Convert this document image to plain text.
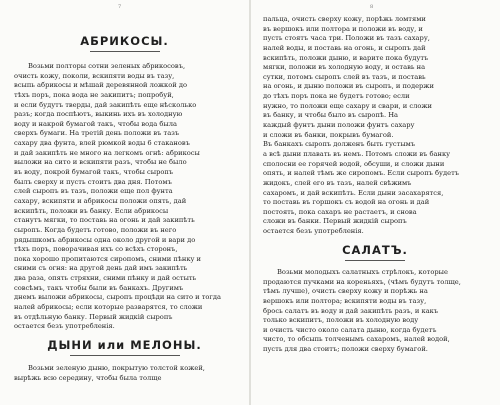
7
АБРИКОСЫ.
Возьми полторы сотни зеленых абрикосовъ,
очисть кожу, поколи, вскипяти воды въ тазу,
всыпь абрикосы и мѣшай деревянной ложкой до
тѣхъ поръ, пока вода не закипитъ; попробуй,
и если будутъ тверды, дай закипѣть еще нѣсколько
разъ; когда поспѣютъ, выкинь ихъ въ холодную
воду и накрой бумагой такъ, чтобы вода была
сверхъ бумаги. На третій день положи въ тазъ
сахару два фунта, влей рюмкой воды 6 стакановъ
и дай закипѣть не много на легкомъ огнѣ: абрикосы
выложи на сито и вскипяти разъ, чтобы не было
въ воду, покрой бумагой такъ, чтобы сыропъ
былъ сверху и пусть стоитъ два дня. Потомъ
слей сыропъ въ тазъ, положи еще пол фунта
сахару, вскипяти и абрикосы положи опять, дай
вскипѣть, положи въ банку. Если абрикосы
станутъ мягки, то поставь на огонь и дай закипѣть
сыропъ. Когда будетъ готово, положи въ него
рядышкомъ абрикосы одна около другой и вари до
тѣхъ поръ, поворачивая ихъ со всѣхъ сторонъ,
пока хорошо пропитаются сиропомъ, сними пѣнку и
сними съ огня: на другой день дай имъ закипѣть
два раза, опять стряхни, сними пѣнку и дай остыть
совсѣмъ, такъ чтобы были въ банкахъ. Другимъ
днемъ выложи абрикосы, сыропъ процѣди на сито и тогда
налей абрикосы; если которые разварятся, то сложи
въ отдѣльную банку. Первый жидкій сыропъ
остается безъ употребленія.
ДЫНИ или МЕЛОНЫ.
Возьми зеленую дыню, покрытую толстой кожей,
вырѣжь всю середину, чтобы была толще
8
пальца, очисть сверху кожу, порѣжь ломтями
въ вершокъ или полтора и положи въ воду, и
пусть стоятъ часа три. Положи въ тазъ сахару,
налей воды, и поставь на огонь, и сыропъ дай
вскипѣть, положи дыню, и варите пока будутъ
мягки, положи въ холодную воду, и оставь на
сутки, потомъ сыропъ слей въ тазъ, и поставь
на огонь, и дыню положи въ сыропъ, и подержи
до тѣхъ поръ пока не будетъ готово; если
нужно, то положи еще сахару и свари, и сложи
въ банку, и чтобы было въ сыропѣ. На
каждый фунтъ дыни положи фунтъ сахару
и сложи въ банки, покрывъ бумагой.
Въ банкахъ сыропъ долженъ быть густымъ
а всѣ дыни плавать въ немъ. Потомъ сложи въ банку
сполосни ее горячей водой, обсуши, и сложи дыни
опять, и налей тѣмъ же сиропомъ. Если сыропъ будетъ
жидокъ, слей его въ тазъ, налей свѣжимъ
сахаромъ, и дай вскипѣть. Если дыни засахарятся,
то поставь въ горшокъ съ водой на огонь и дай
постоять, пока сахаръ не растаетъ, и снова
сложи въ банки. Первый жидкій сыропъ
остается безъ употребленія.
САЛАТЪ.
Возьми молодыхъ салатныхъ стрѣлокъ, которые
продаются пучками на кореньяхъ, (чѣмъ будутъ толще,
тѣмъ лучше), очисть сверху кожу и порѣжь на
вершокъ или полтора; вскипяти воды въ тазу,
брось салатъ въ воду и дай закипѣть разъ, и какъ
только вскипитъ, положи въ холодную воду
и очисть чисто около салата дыню, когда будетъ
чисто, то обсыпь толченымъ сахаромъ, налей водой,
пусть для два стоитъ; положи сверху бумагой.
